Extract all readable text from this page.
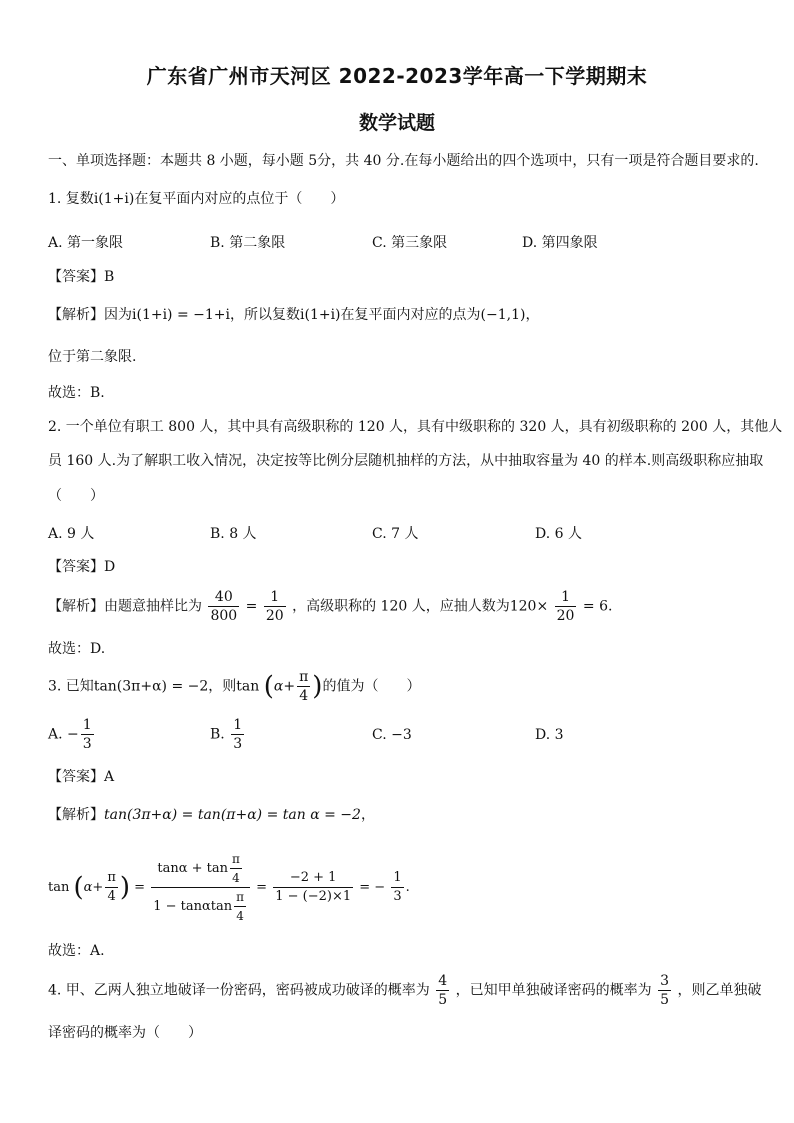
广东省广州市天河区 2022-2023学年高一下学期期末
数学试题
一、单项选择题：本题共 8 小题，每小题 5分，共 40 分.在每小题给出的四个选项中，只有一项是符合题目要求的.
1. 复数i(1+i)在复平面内对应的点位于（　　）
A. 第一象限	B. 第二象限	C. 第三象限	D. 第四象限
【答案】B
【解析】因为i(1+i) = −1+i，所以复数i(1+i)在复平面内对应的点为(−1,1)，
位于第二象限.
故选：B.
2. 一个单位有职工 800 人，其中具有高级职称的 120 人，具有中级职称的 320 人，具有初级职称的 200 人，其他人
员 160 人.为了解职工收入情况，决定按等比例分层随机抽样的方法，从中抽取容量为 40 的样本.则高级职称应抽取
（　　）
A. 9 人	B. 8 人	C. 7 人	D. 6 人
【答案】D
【解析】由题意抽样比为 $\frac{40}{800} = \frac{1}{20}$ ，高级职称的 120 人，应抽人数为$120\times \frac{1}{20} = 6$.
故选：D.
3. 已知tan(3π+α) = −2，则$\tan (\alpha+ \frac{\pi}{4}$ )的值为（　　）
A. − $\frac{1}{3}$	B. $\frac{1}{3}$	C. −3	D. 3
【答案】A
【解析】tan(3π+α) = tan(π+α) = tan α = −2，
$\tan (\alpha+ \frac{\pi}{4}$ ) = $\frac{\tan\alpha + \tan \frac{\pi}{4}}{1 - \tan\alpha\tan \frac{\pi}{4}} = \frac{-2 + 1}{1 - (-2)\times 1}$ = − $\frac{1}{3}$ .
故选：A.
4. 甲、乙两人独立地破译一份密码，密码被成功破译的概率为 $\frac{4}{5}$ ，已知甲单独破译密码的概率为 $\frac{3}{5}$ ，则乙单独破
译密码的概率为（　　）
